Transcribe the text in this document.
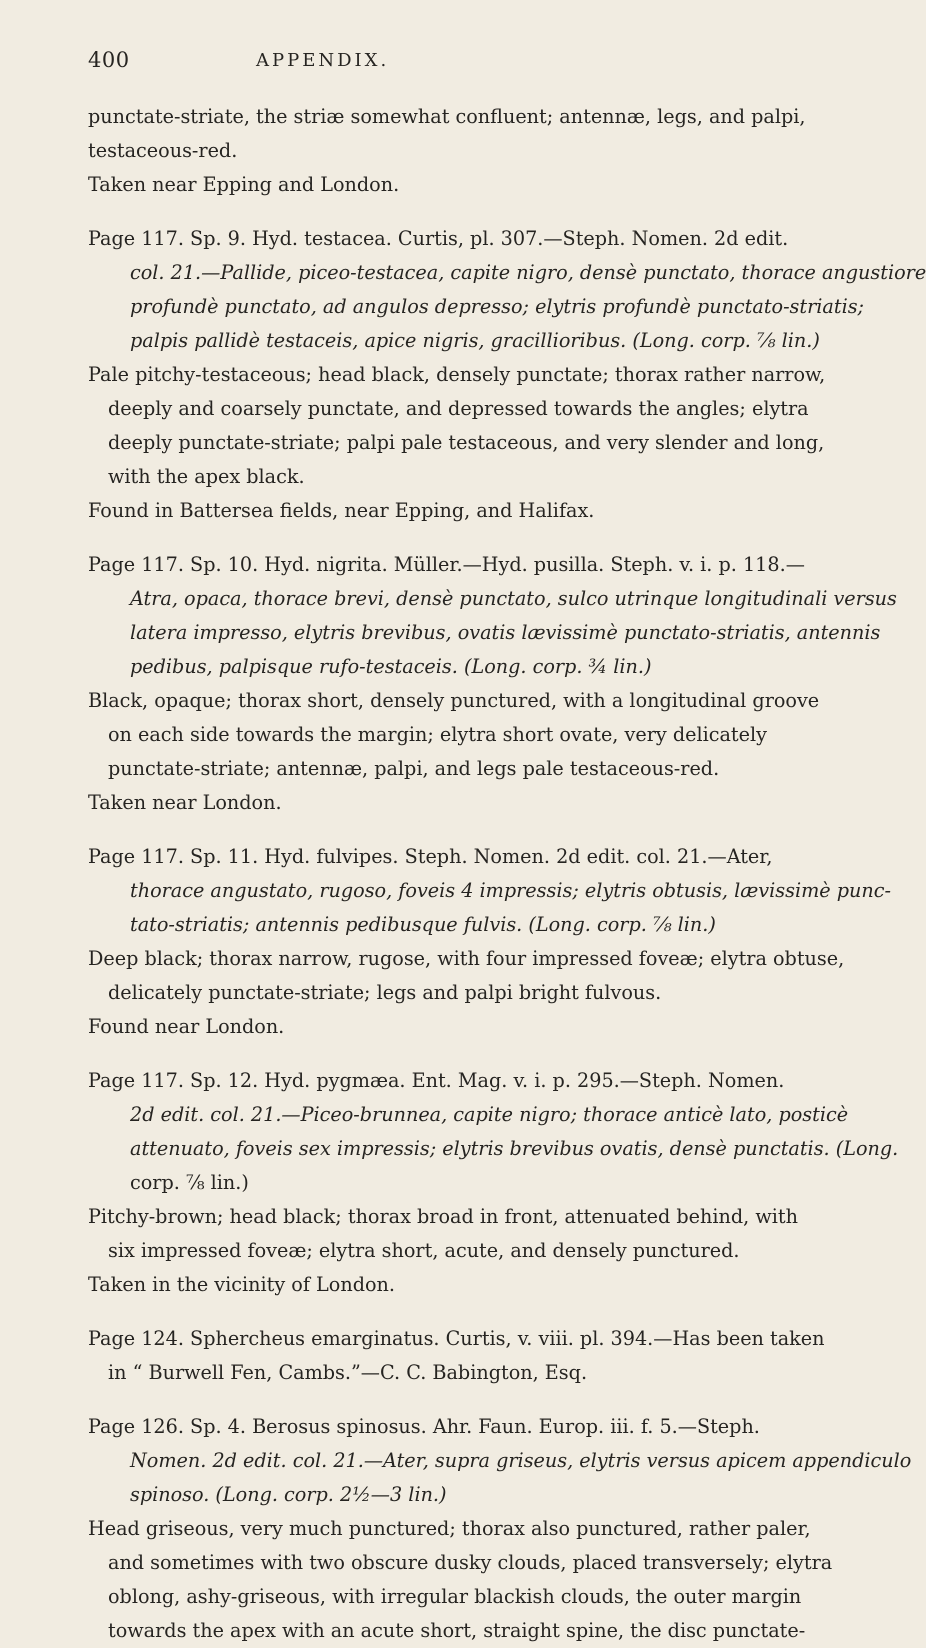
400	APPENDIX.
punctate-striate, the striæ somewhat confluent; antennæ, legs, and palpi,
testaceous-red.
Taken near Epping and London.
Page 117. Sp. 9. Hyd. testacea. Curtis, pl. 307.—Steph. Nomen. 2d edit.
col. 21.—Pallide, piceo-testacea, capite nigro, densè punctato, thorace angustiore
profundè punctato, ad angulos depresso; elytris profundè punctato-striatis;
palpis pallidè testaceis, apice nigris, gracillioribus. (Long. corp. ⅞ lin.)
Pale pitchy-testaceous; head black, densely punctate; thorax rather narrow,
deeply and coarsely punctate, and depressed towards the angles; elytra
deeply punctate-striate; palpi pale testaceous, and very slender and long,
with the apex black.
Found in Battersea fields, near Epping, and Halifax.
Page 117. Sp. 10. Hyd. nigrita. Müller.—Hyd. pusilla. Steph. v. i. p. 118.—
Atra, opaca, thorace brevi, densè punctato, sulco utrinque longitudinali versus
latera impresso, elytris brevibus, ovatis lævissimè punctato-striatis, antennis
pedibus, palpisque rufo-testaceis. (Long. corp. ¾ lin.)
Black, opaque; thorax short, densely punctured, with a longitudinal groove
on each side towards the margin; elytra short ovate, very delicately
punctate-striate; antennæ, palpi, and legs pale testaceous-red.
Taken near London.
Page 117. Sp. 11. Hyd. fulvipes. Steph. Nomen. 2d edit. col. 21.—Ater,
thorace angustato, rugoso, foveis 4 impressis; elytris obtusis, lævissimè punc-
tato-striatis; antennis pedibusque fulvis. (Long. corp. ⅞ lin.)
Deep black; thorax narrow, rugose, with four impressed foveæ; elytra obtuse,
delicately punctate-striate; legs and palpi bright fulvous.
Found near London.
Page 117. Sp. 12. Hyd. pygmæa. Ent. Mag. v. i. p. 295.—Steph. Nomen.
2d edit. col. 21.—Piceo-brunnea, capite nigro; thorace anticè lato, posticè
attenuato, foveis sex impressis; elytris brevibus ovatis, densè punctatis. (Long.
corp. ⅞ lin.)
Pitchy-brown; head black; thorax broad in front, attenuated behind, with
six impressed foveæ; elytra short, acute, and densely punctured.
Taken in the vicinity of London.
Page 124. Sphercheus emarginatus. Curtis, v. viii. pl. 394.—Has been taken
in “ Burwell Fen, Cambs.”—C. C. Babington, Esq.
Page 126. Sp. 4. Berosus spinosus. Ahr. Faun. Europ. iii. f. 5.—Steph.
Nomen. 2d edit. col. 21.—Ater, supra griseus, elytris versus apicem appendiculo
spinoso. (Long. corp. 2½—3 lin.)
Head griseous, very much punctured; thorax also punctured, rather paler,
and sometimes with two obscure dusky clouds, placed transversely; elytra
oblong, ashy-griseous, with irregular blackish clouds, the outer margin
towards the apex with an acute short, straight spine, the disc punctate-
